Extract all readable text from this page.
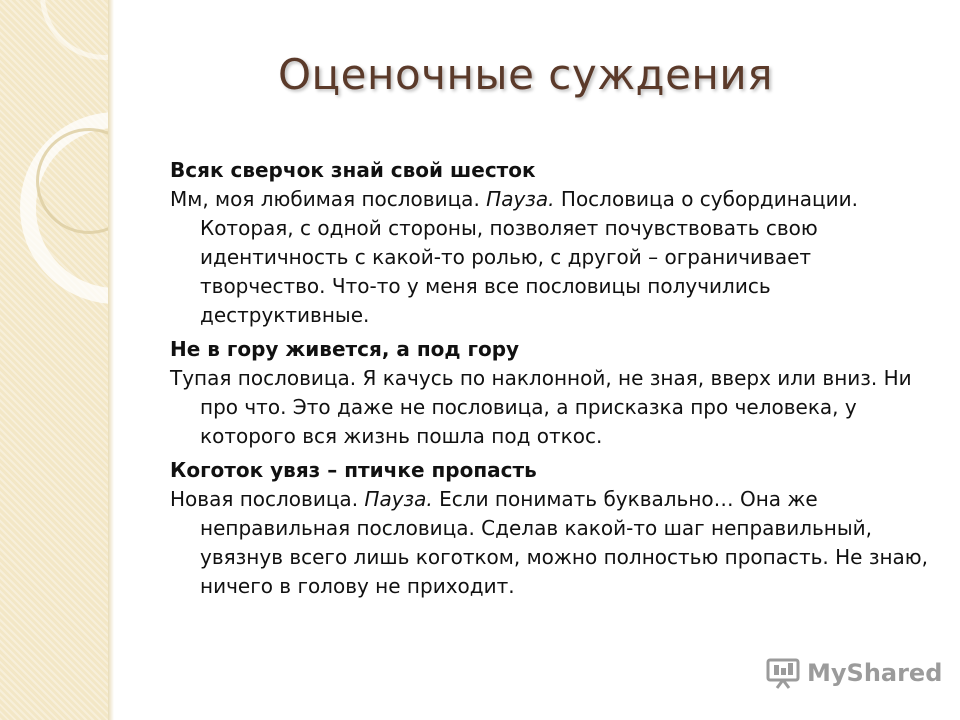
Оценочные суждения

Всяк сверчок знай свой шесток

Мм, моя любимая пословица. Пауза. Пословица о субординации. Которая, с одной стороны, позволяет почувствовать свою идентичность с какой-то ролью, с другой – ограничивает творчество. Что-то у меня все пословицы получились деструктивные.

Не в гору живется, а под гору

Тупая пословица. Я качусь по наклонной, не зная, вверх или вниз. Ни про что. Это даже не пословица, а присказка про человека, у которого вся жизнь пошла под откос.

Коготок увяз – птичке пропасть

Новая пословица. Пауза. Если понимать буквально… Она же неправильная пословица. Сделав какой-то шаг неправильный, увязнув всего лишь коготком, можно полностью пропасть. Не знаю, ничего в голову не приходит.

MyShared
